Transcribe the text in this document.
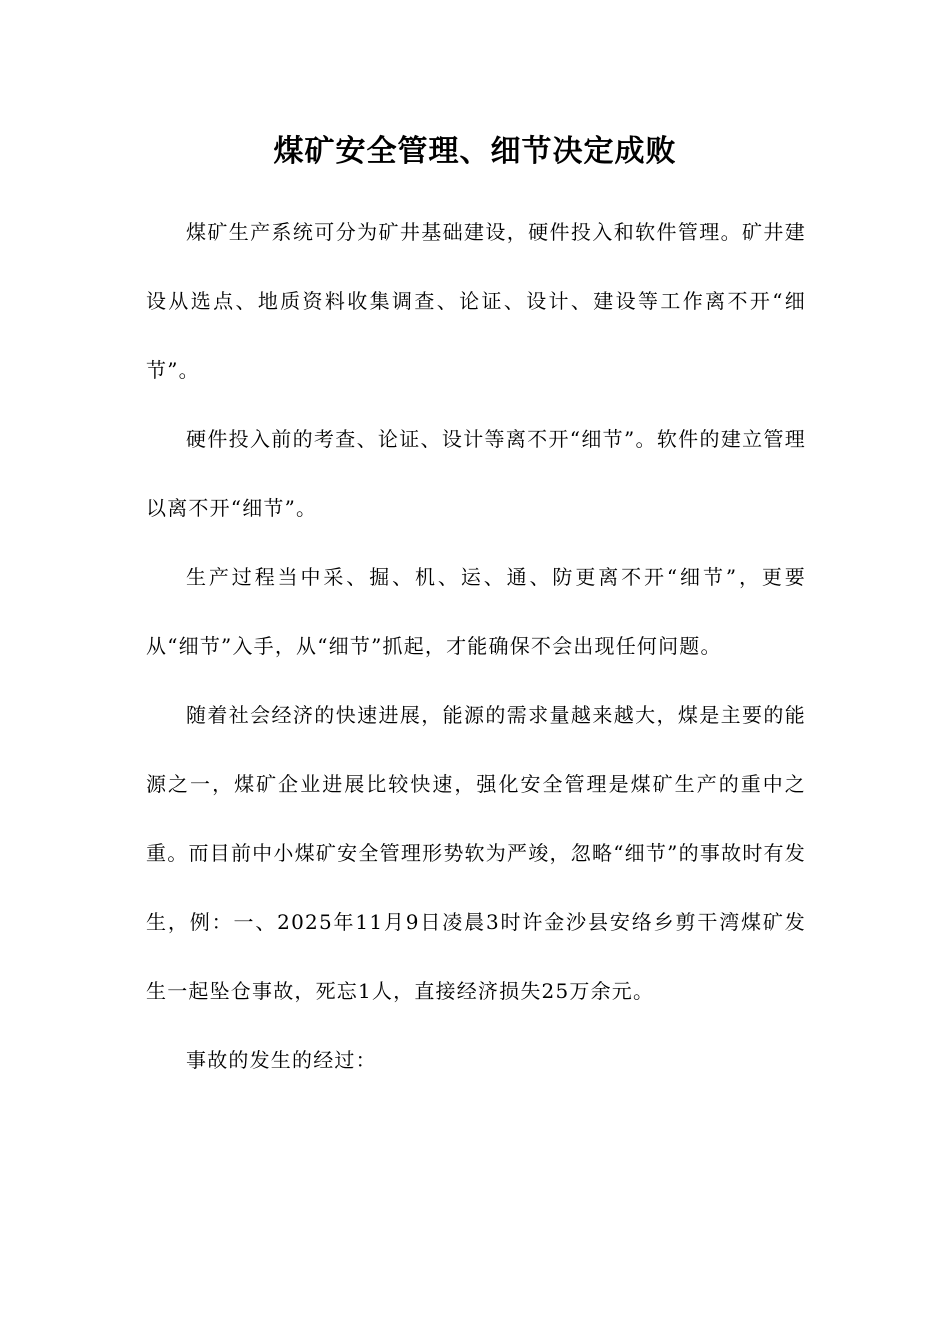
煤矿安全管理、细节决定成败

煤矿生产系统可分为矿井基础建设，硬件投入和软件管理。矿井建设从选点、地质资料收集调查、论证、设计、建设等工作离不开“细节”。

硬件投入前的考查、论证、设计等离不开“细节”。软件的建立管理以离不开“细节”。

生产过程当中采、掘、机、运、通、防更离不开“细节”，更要从“细节”入手，从“细节”抓起，才能确保不会出现任何问题。

随着社会经济的快速进展，能源的需求量越来越大，煤是主要的能源之一，煤矿企业进展比较快速，强化安全管理是煤矿生产的重中之重。而目前中小煤矿安全管理形势软为严竣，忽略“细节”的事故时有发生，例：一、2025年11月9日凌晨3时许金沙县安络乡剪干湾煤矿发生一起坠仓事故，死忘1人，直接经济损失25万余元。

事故的发生的经过：
